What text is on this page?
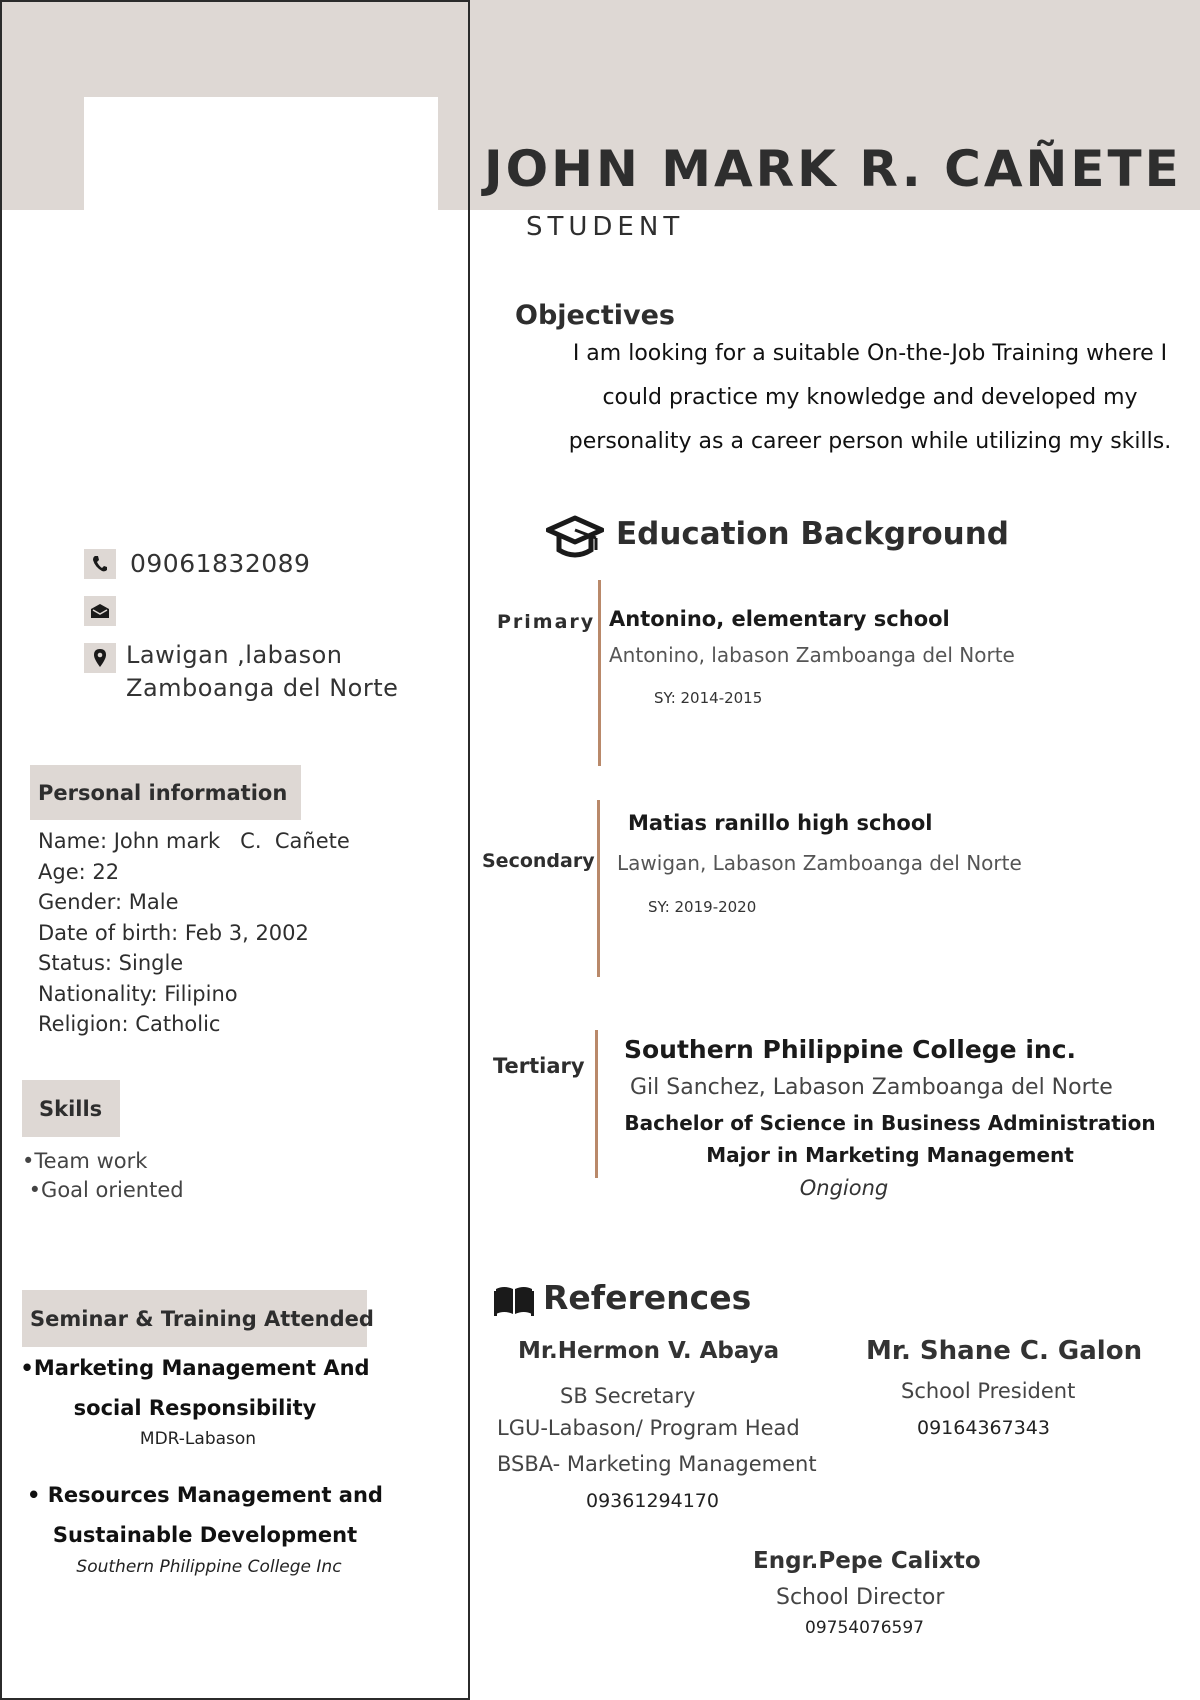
JOHN MARK R. CAÑETE
STUDENT
Objectives
I am looking for a suitable On-the-Job Training where I could practice my knowledge and developed my personality as a career person while utilizing my skills.
Education Background
Primary Antonino, elementary school
Antonino, labason Zamboanga del Norte
SY: 2014-2015
Secondary
Matias ranillo high school
Lawigan, Labason Zamboanga del Norte
SY: 2019-2020
Tertiary
Southern Philippine College inc.
Gil Sanchez, Labason Zamboanga del Norte
Bachelor of Science in Business Administration
Major in Marketing Management
Ongiong
References
Mr.Hermon V. Abaya
SB Secretary
LGU-Labason/ Program Head
BSBA- Marketing Management
09361294170
Mr. Shane C. Galon
School President
09164367343
Engr.Pepe Calixto
School Director
09754076597
09061832089
Lawigan ,labason
Zamboanga del Norte
Personal information
Name: John mark   C.  Cañete
Age: 22
Gender: Male
Date of birth: Feb 3, 2002
Status: Single
Nationality: Filipino
Religion: Catholic
Skills
•Team work
•Goal oriented
Seminar & Training Attended
•Marketing Management And
social Responsibility
MDR-Labason
• Resources Management and
Sustainable Development
Southern Philippine College Inc
